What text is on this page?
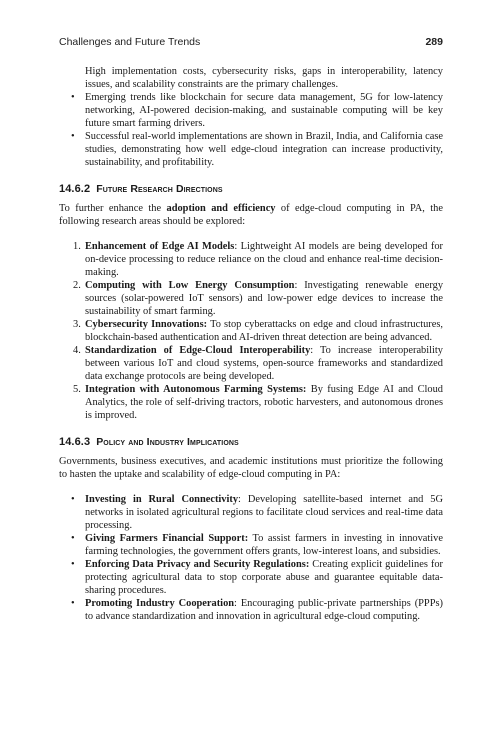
Challenges and Future Trends	289
High implementation costs, cybersecurity risks, gaps in interoperability, latency issues, and scalability constraints are the primary challenges.
• Emerging trends like blockchain for secure data management, 5G for low-latency networking, AI-powered decision-making, and sustainable computing will be key future smart farming drivers.
• Successful real-world implementations are shown in Brazil, India, and California case studies, demonstrating how well edge-cloud integration can increase productivity, sustainability, and profitability.
14.6.2 Future Research Directions

To further enhance the adoption and efficiency of edge-cloud computing in PA, the following research areas should be explored:

1. Enhancement of Edge AI Models: Lightweight AI models are being developed for on-device processing to reduce reliance on the cloud and enhance real-time decision-making.
2. Computing with Low Energy Consumption: Investigating renewable energy sources (solar-powered IoT sensors) and low-power edge devices to increase the sustainability of smart farming.
3. Cybersecurity Innovations: To stop cyberattacks on edge and cloud infrastructures, blockchain-based authentication and AI-driven threat detection are being advanced.
4. Standardization of Edge-Cloud Interoperability: To increase interoperability between various IoT and cloud systems, open-source frameworks and standardized data exchange protocols are being developed.
5. Integration with Autonomous Farming Systems: By fusing Edge AI and Cloud Analytics, the role of self-driving tractors, robotic harvesters, and autonomous drones is improved.
14.6.3 Policy and Industry Implications

Governments, business executives, and academic institutions must prioritize the following to hasten the uptake and scalability of edge-cloud computing in PA:

• Investing in Rural Connectivity: Developing satellite-based internet and 5G networks in isolated agricultural regions to facilitate cloud services and real-time data processing.
• Giving Farmers Financial Support: To assist farmers in investing in innovative farming technologies, the government offers grants, low-interest loans, and subsidies.
• Enforcing Data Privacy and Security Regulations: Creating explicit guidelines for protecting agricultural data to stop corporate abuse and guarantee equitable data-sharing procedures.
• Promoting Industry Cooperation: Encouraging public-private partnerships (PPPs) to advance standardization and innovation in agricultural edge-cloud computing.
